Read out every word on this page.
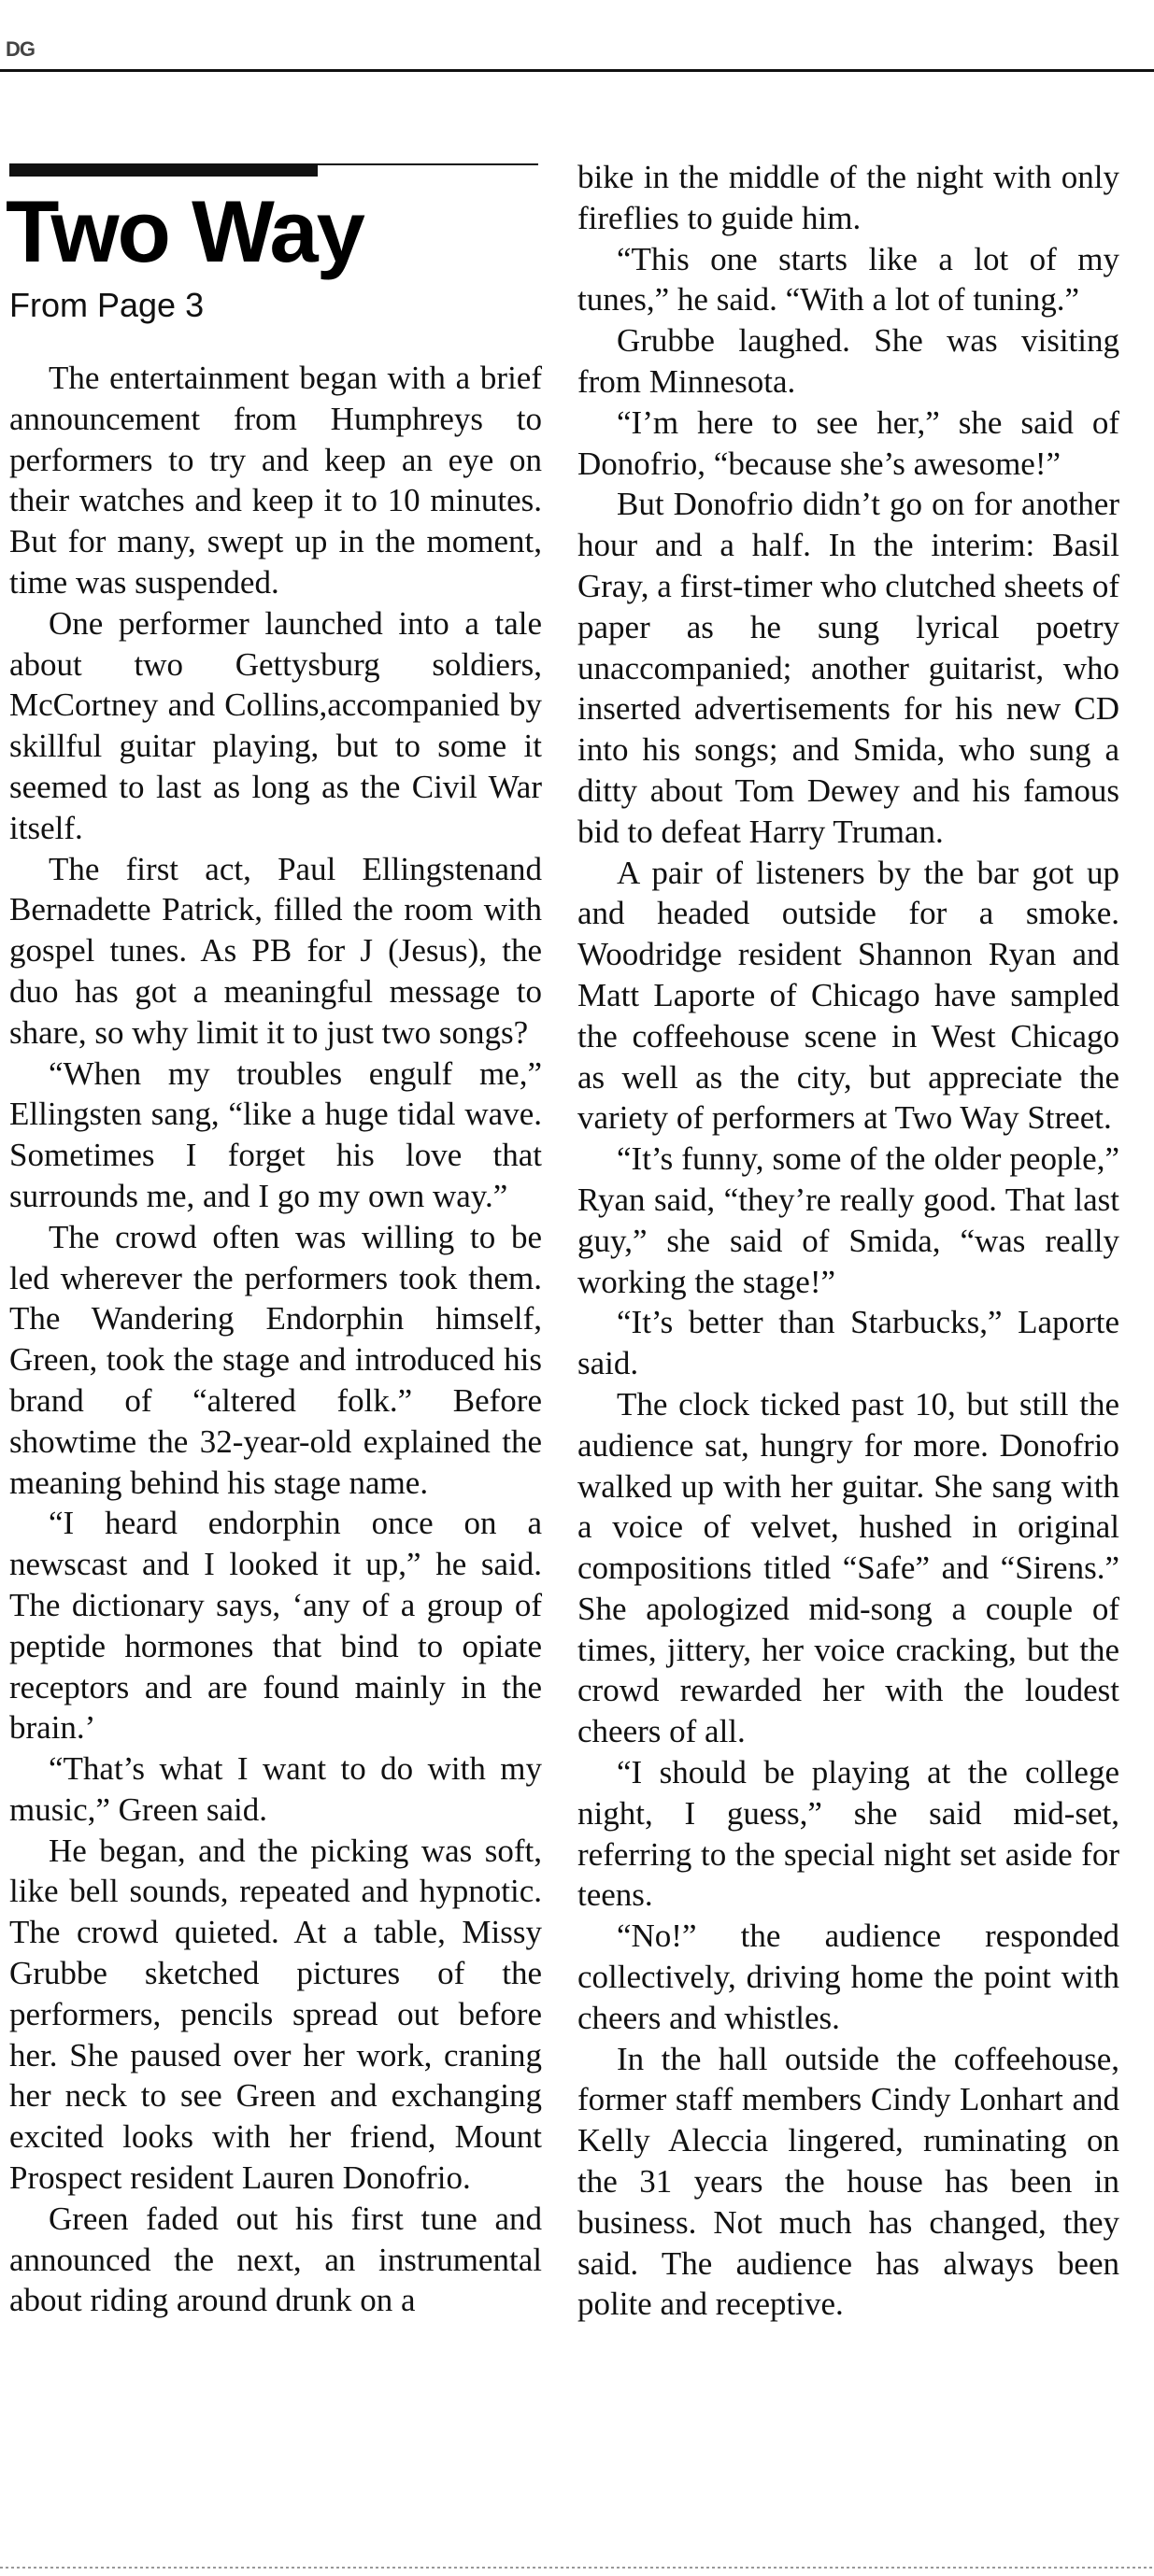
DG
Two Way
From Page 3

The entertainment began with a brief announcement from Humphreys to performers to try and keep an eye on their watches and keep it to 10 minutes. But for many, swept up in the moment, time was suspended.

One performer launched into a tale about two Gettysburg soldiers, McCortney and Collins,accompanied by skillful guitar playing, but to some it seemed to last as long as the Civil War itself.

The first act, Paul Ellingstenand Bernadette Patrick, filled the room with gospel tunes. As PB for J (Jesus), the duo has got a meaningful message to share, so why limit it to just two songs?

“When my troubles engulf me,” Ellingsten sang, “like a huge tidal wave. Sometimes I forget his love that surrounds me, and I go my own way.”

The crowd often was willing to be led wherever the performers took them. The Wandering Endorphin himself, Green, took the stage and introduced his brand of “altered folk.” Before showtime the 32-year-old explained the meaning behind his stage name.

“I heard endorphin once on a newscast and I looked it up,” he said. The dictionary says, ‘any of a group of peptide hormones that bind to opiate receptors and are found mainly in the brain.’

“That’s what I want to do with my music,” Green said.

He began, and the picking was soft, like bell sounds, repeated and hypnotic. The crowd quieted. At a table, Missy Grubbe sketched pictures of the performers, pencils spread out before her. She paused over her work, craning her neck to see Green and exchanging excited looks with her friend, Mount Prospect resident Lauren Donofrio.

Green faded out his first tune and announced the next, an instrumental about riding around drunk on a

bike in the middle of the night with only fireflies to guide him.

“This one starts like a lot of my tunes,” he said. “With a lot of tuning.”

Grubbe laughed. She was visiting from Minnesota.

“I’m here to see her,” she said of Donofrio, “because she’s awesome!”

But Donofrio didn’t go on for another hour and a half. In the interim: Basil Gray, a first-timer who clutched sheets of paper as he sung lyrical poetry unaccompanied; another guitarist, who inserted advertisements for his new CD into his songs; and Smida, who sung a ditty about Tom Dewey and his famous bid to defeat Harry Truman.

A pair of listeners by the bar got up and headed outside for a smoke. Woodridge resident Shannon Ryan and Matt Laporte of Chicago have sampled the coffeehouse scene in West Chicago as well as the city, but appreciate the variety of performers at Two Way Street.

“It’s funny, some of the older people,” Ryan said, “they’re really good. That last guy,” she said of Smida, “was really working the stage!”

“It’s better than Starbucks,” Laporte said.

The clock ticked past 10, but still the audience sat, hungry for more. Donofrio walked up with her guitar. She sang with a voice of velvet, hushed in original compositions titled “Safe” and “Sirens.” She apologized mid-song a couple of times, jittery, her voice cracking, but the crowd rewarded her with the loudest cheers of all.

“I should be playing at the college night, I guess,” she said mid-set, referring to the special night set aside for teens.

“No!” the audience responded collectively, driving home the point with cheers and whistles.

In the hall outside the coffeehouse, former staff members Cindy Lonhart and Kelly Aleccia lingered, ruminating on the 31 years the house has been in business. Not much has changed, they said. The audience has always been polite and receptive.
